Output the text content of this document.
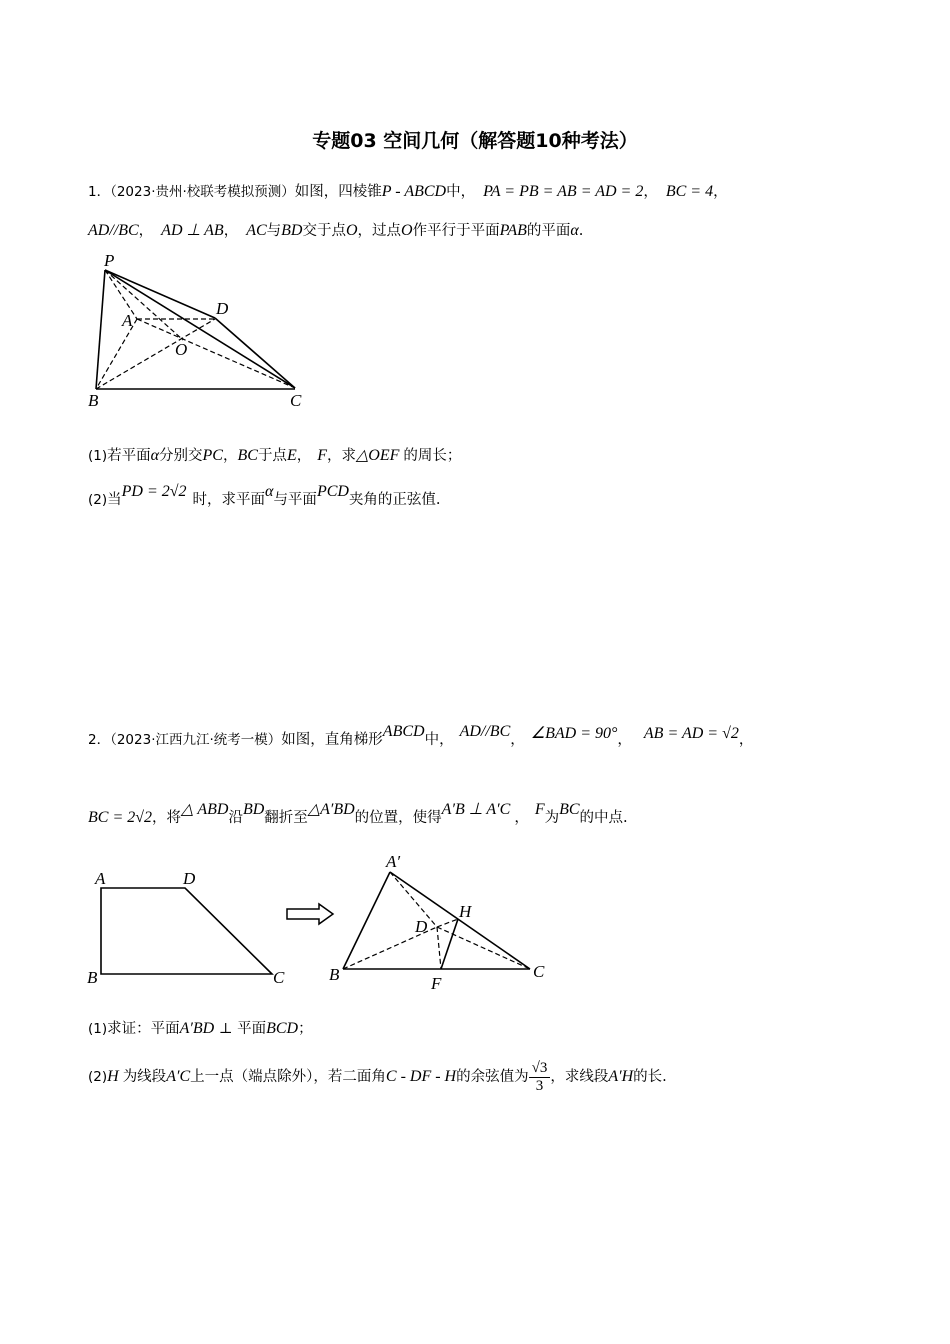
专题03 空间几何（解答题10种考法）
1．（2023·贵州·校联考模拟预测）如图，四棱锥P - ABCD中， PA = PB = AB = AD = 2， BC = 4，
AD//BC， AD ⊥ AB， AC与BD交于点O，过点O作平行于平面PAB的平面α.
P
A
D
O
B	C
(1)若平面α分别交PC，BC于点E， F，求△OEF 的周长；
(2)当PD = 2√2 时，求平面α与平面PCD夹角的正弦值.
2．（2023·江西九江·统考一模）如图，直角梯形ABCD中， AD//BC， ∠BAD = 90°， AB = AD = √2，
BC = 2√2，将△ ABD沿BD翻折至△A′BD的位置，使得A′B ⊥ A′C ， F为BC的中点.
A	D
B	C
A′
H
D
B	F
C
(1)求证：平面A′BD ⊥ 平面BCD；
(2)H 为线段A′C上一点（端点除外），若二面角C - DF - H的余弦值为 $\frac{√3}{3}$ ，求线段A′H的长.
